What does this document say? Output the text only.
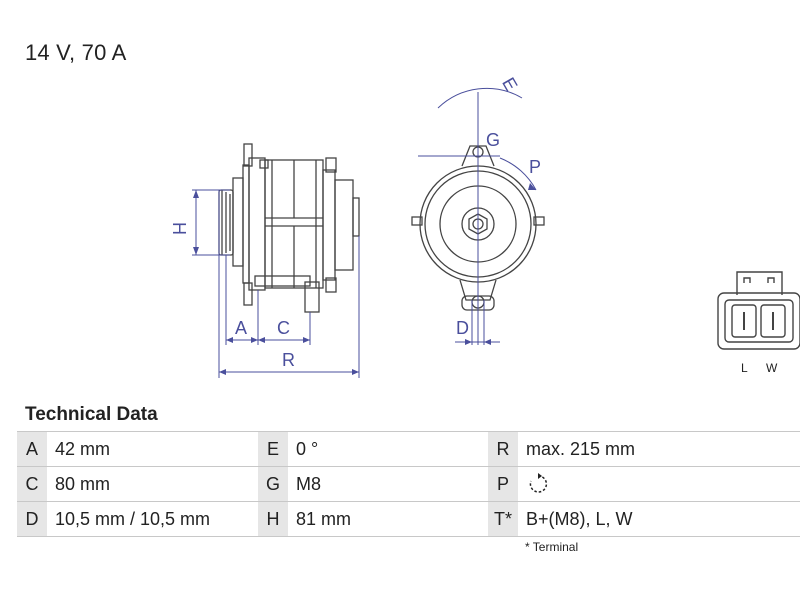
14 V, 70 A
H
A C
R
E
G
P
D
L W
Technical Data
A	42 mm		E	0 °		R	max. 215 mm
C	80 mm		G	M8		P	
D	10,5 mm / 10,5 mm		H	81 mm		T*	B+(M8), L, W
* Terminal
